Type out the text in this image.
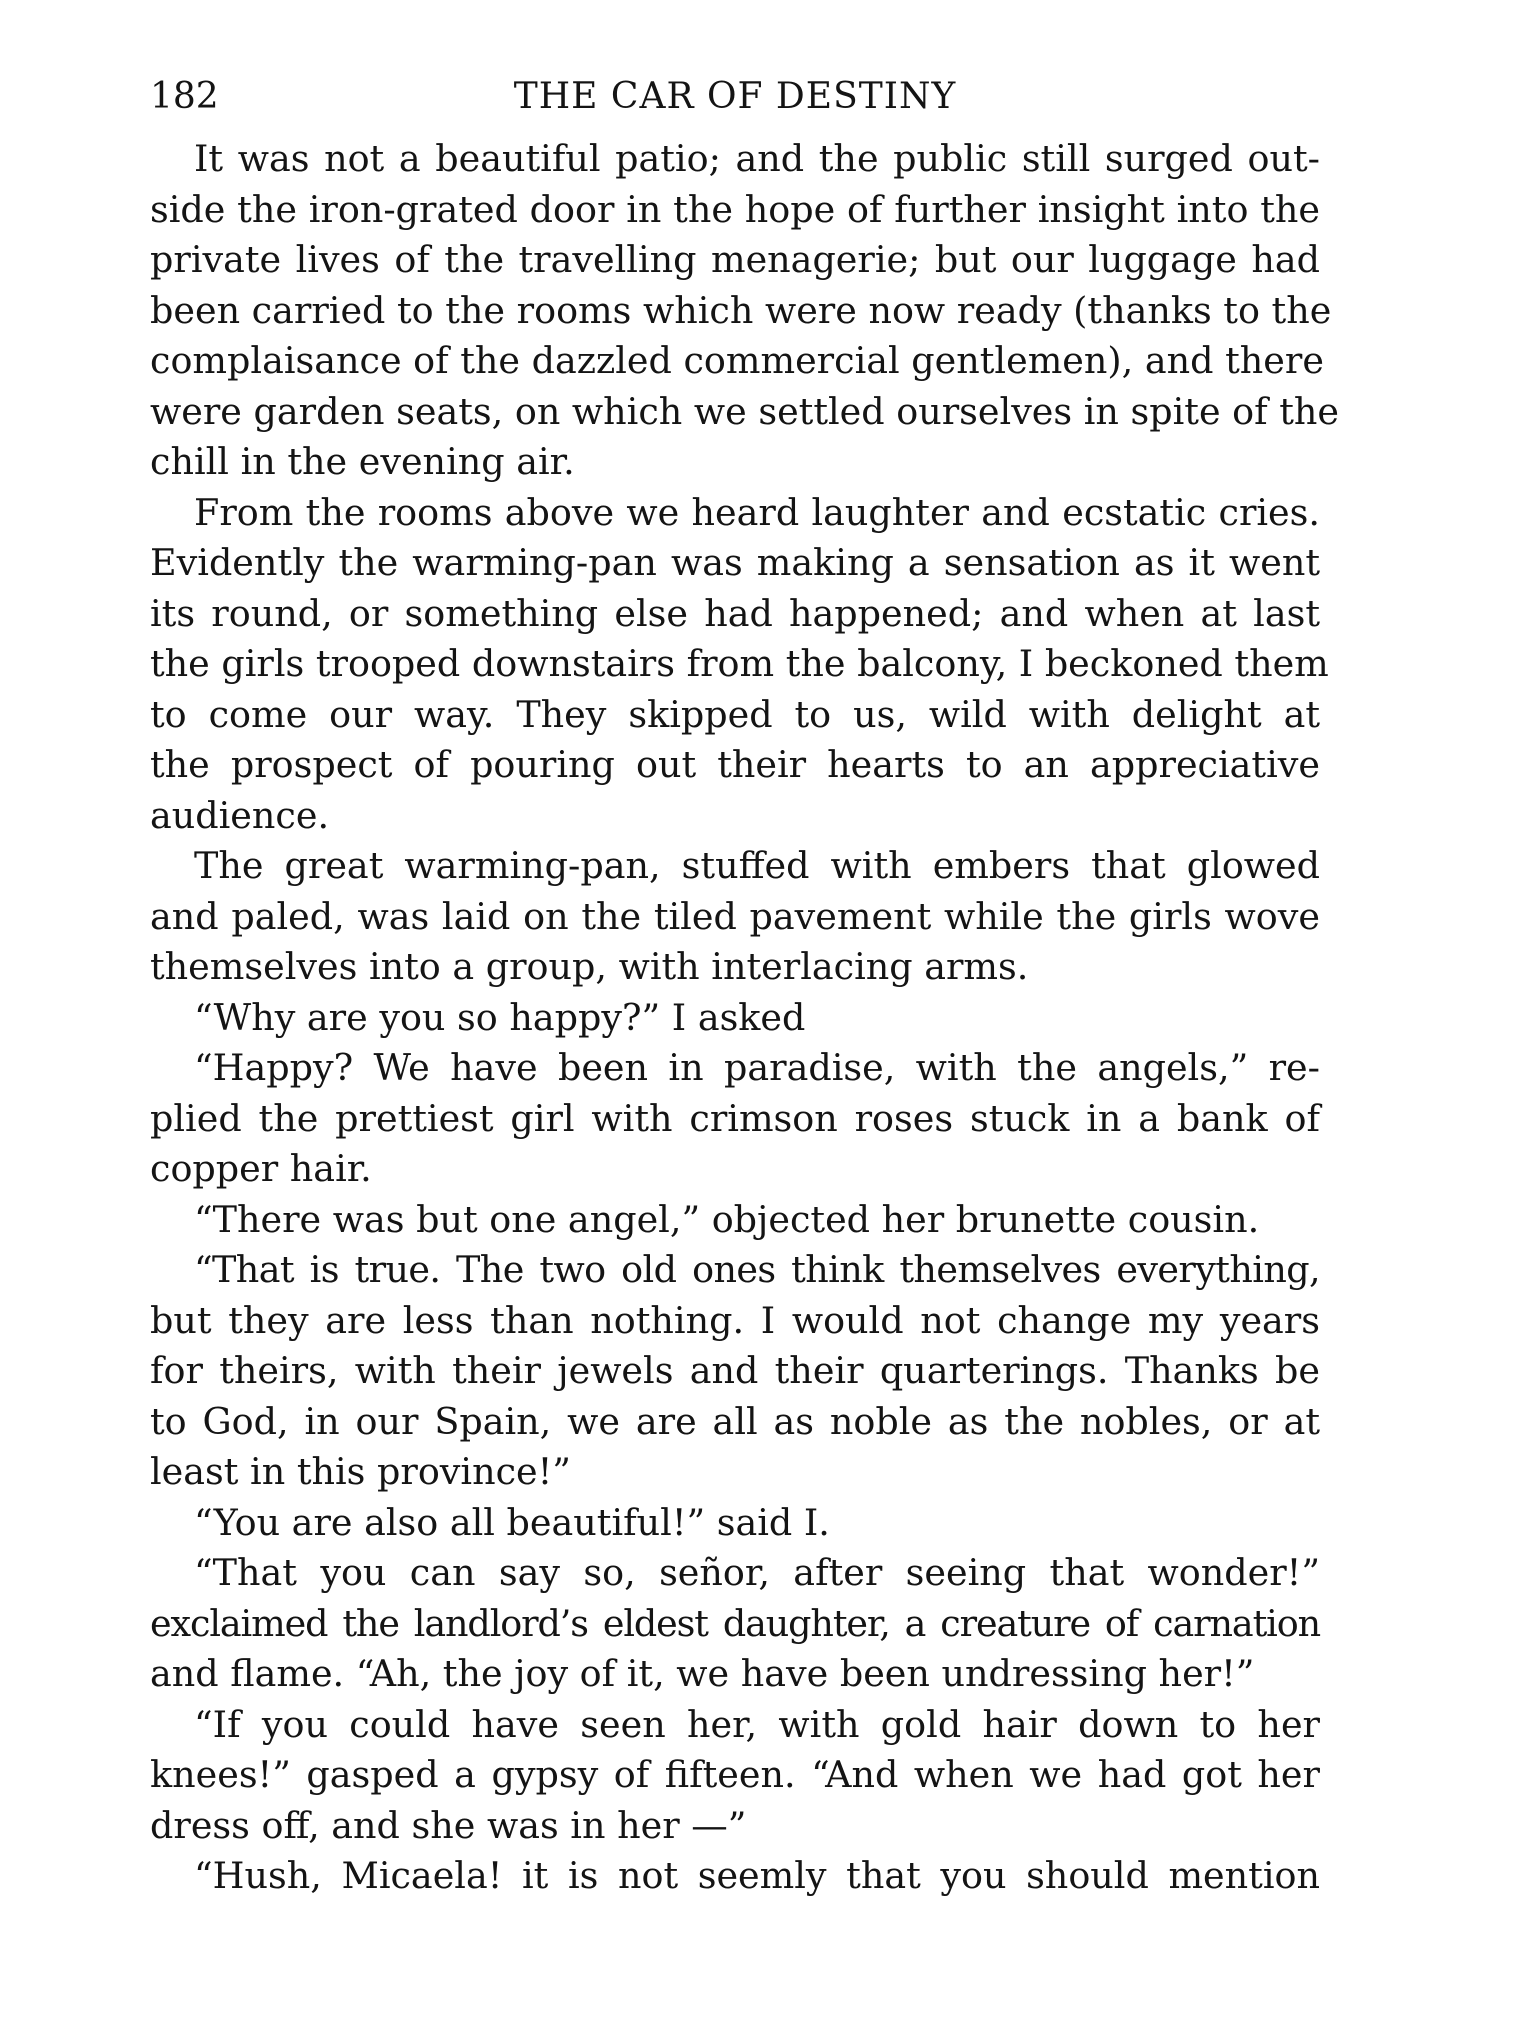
182	THE CAR OF DESTINY
It was not a beautiful patio; and the public still surged out-
side the iron-grated door in the hope of further insight into the
private lives of the travelling menagerie; but our luggage had
been carried to the rooms which were now ready (thanks to the
complaisance of the dazzled commercial gentlemen), and there
were garden seats, on which we settled ourselves in spite of the
chill in the evening air.
From the rooms above we heard laughter and ecstatic cries.
Evidently the warming-pan was making a sensation as it went
its round, or something else had happened; and when at last
the girls trooped downstairs from the balcony, I beckoned them
to come our way. They skipped to us, wild with delight at
the prospect of pouring out their hearts to an appreciative
audience.
The great warming-pan, stuffed with embers that glowed
and paled, was laid on the tiled pavement while the girls wove
themselves into a group, with interlacing arms.
“Why are you so happy?” I asked
“Happy? We have been in paradise, with the angels,” re-
plied the prettiest girl with crimson roses stuck in a bank of
copper hair.
“There was but one angel,” objected her brunette cousin.
“That is true. The two old ones think themselves everything,
but they are less than nothing. I would not change my years
for theirs, with their jewels and their quarterings. Thanks be
to God, in our Spain, we are all as noble as the nobles, or at
least in this province!”
“You are also all beautiful!” said I.
“That you can say so, señor, after seeing that wonder!”
exclaimed the landlord’s eldest daughter, a creature of carnation
and flame. “Ah, the joy of it, we have been undressing her!”
“If you could have seen her, with gold hair down to her
knees!” gasped a gypsy of fifteen. “And when we had got her
dress off, and she was in her —”
“Hush, Micaela! it is not seemly that you should mention
